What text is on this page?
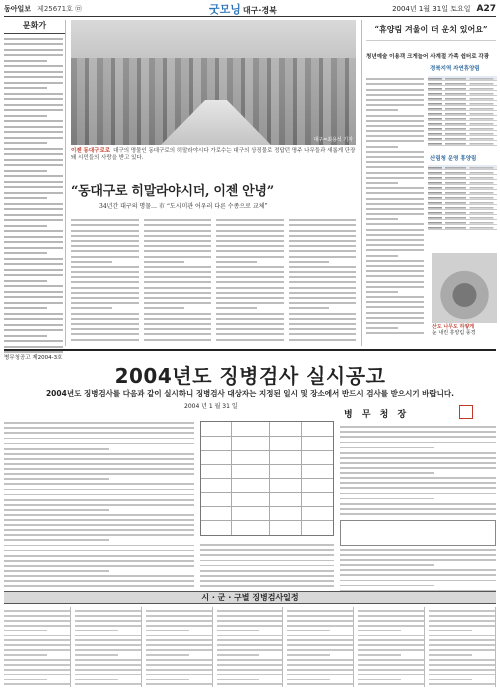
동아일보 제25671호 ㉤	굿모닝 대구·경북	2004년 1월 31일 토요일 A27
문화가
대구=최용석 기자
이젠 동대구로로 대구의 명물인 동대구로의 히말라야시다 가로수는 대구의 상징물로 정답던 명주 나무들과 새롭게 단장돼 시민들의 사랑을 받고 있다.
“동대구로 히말라야시더, 이젠 안녕”
34년간 대구의 명물… 市 “도시미관 어우러 다른 수종으로 교체”
“휴양림 겨울이 더 운치 있어요”
청년예술 이용객 크게늘어 사계절 가족 쉼터로 각광
경북지역 자연휴양림
산림청 운영 휴양림
산도 나무도 하얗게
눈 내린 휴양림 풍경
병무청공고 제2004-3호
2004년도 징병검사 실시공고
2004년도 징병검사를 다음과 같이 실시하니 징병검사 대상자는 지정된 일시 및 장소에서 반드시 검사를 받으시기 바랍니다.
2004 년 1 월 31 일
병 무 청 장
시 · 군 · 구별 징병검사일정
